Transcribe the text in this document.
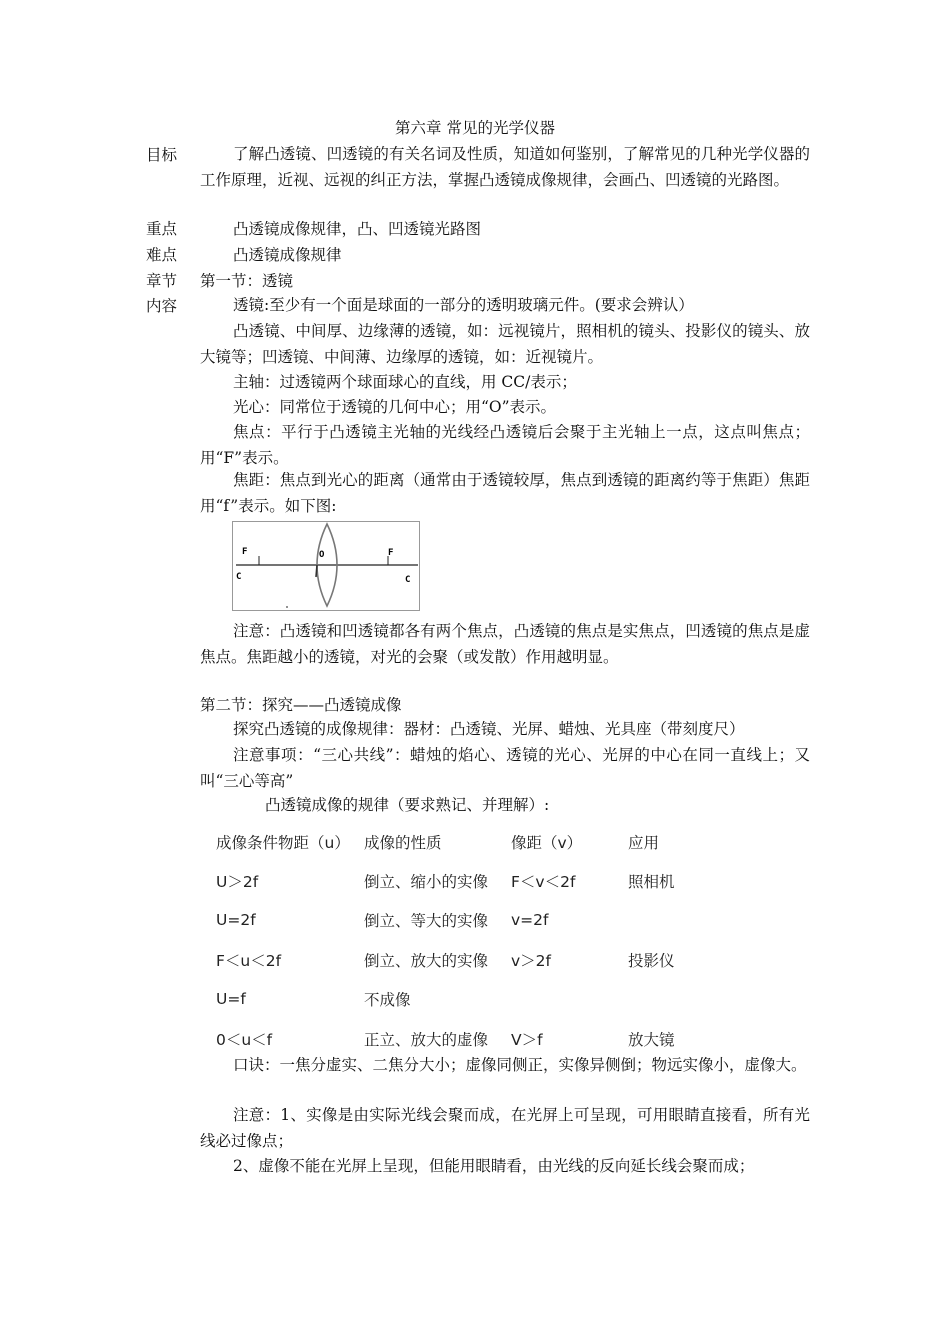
第六章 常见的光学仪器
目标	了解凸透镜、凹透镜的有关名词及性质，知道如何鉴别，了解常见的几种光学仪器的工作原理，近视、远视的纠正方法，掌握凸透镜成像规律，会画凸、凹透镜的光路图。
重点	凸透镜成像规律，凸、凹透镜光路图
难点	凸透镜成像规律
章节 第一节：透镜
内容	透镜:至少有一个面是球面的一部分的透明玻璃元件。(要求会辨认）
凸透镜、中间厚、边缘薄的透镜，如：远视镜片，照相机的镜头、投影仪的镜头、放大镜等；凹透镜、中间薄、边缘厚的透镜，如：近视镜片。
主轴：过透镜两个球面球心的直线，用 CC/表示；
光心：同常位于透镜的几何中心；用“O”表示。
焦点：平行于凸透镜主光轴的光线经凸透镜后会聚于主光轴上一点，这点叫焦点；用“F”表示。
焦距：焦点到光心的距离（通常由于透镜较厚，焦点到透镜的距离约等于焦距）焦距用“f”表示。如下图:
F	F
O
C	C
注意：凸透镜和凹透镜都各有两个焦点，凸透镜的焦点是实焦点，凹透镜的焦点是虚焦点。焦距越小的透镜，对光的会聚（或发散）作用越明显。
第二节：探究——凸透镜成像
探究凸透镜的成像规律：器材：凸透镜、光屏、蜡烛、光具座（带刻度尺）
注意事项：“三心共线”：蜡烛的焰心、透镜的光心、光屏的中心在同一直线上；又叫“三心等高”
凸透镜成像的规律（要求熟记、并理解）:
成像条件物距（u）	成像的性质	像距（v）	应用
U＞2f	倒立、缩小的实像	F＜v＜2f	照相机
U=2f	倒立、等大的实像	v=2f	
F＜u＜2f	倒立、放大的实像	v＞2f	投影仪
U=f	不成像		
0＜u＜f	正立、放大的虚像	V＞f	放大镜
口诀：一焦分虚实、二焦分大小；虚像同侧正，实像异侧倒；物远实像小，虚像大。
注意：1、实像是由实际光线会聚而成，在光屏上可呈现，可用眼睛直接看，所有光线必过像点；
2、虚像不能在光屏上呈现，但能用眼睛看，由光线的反向延长线会聚而成；
